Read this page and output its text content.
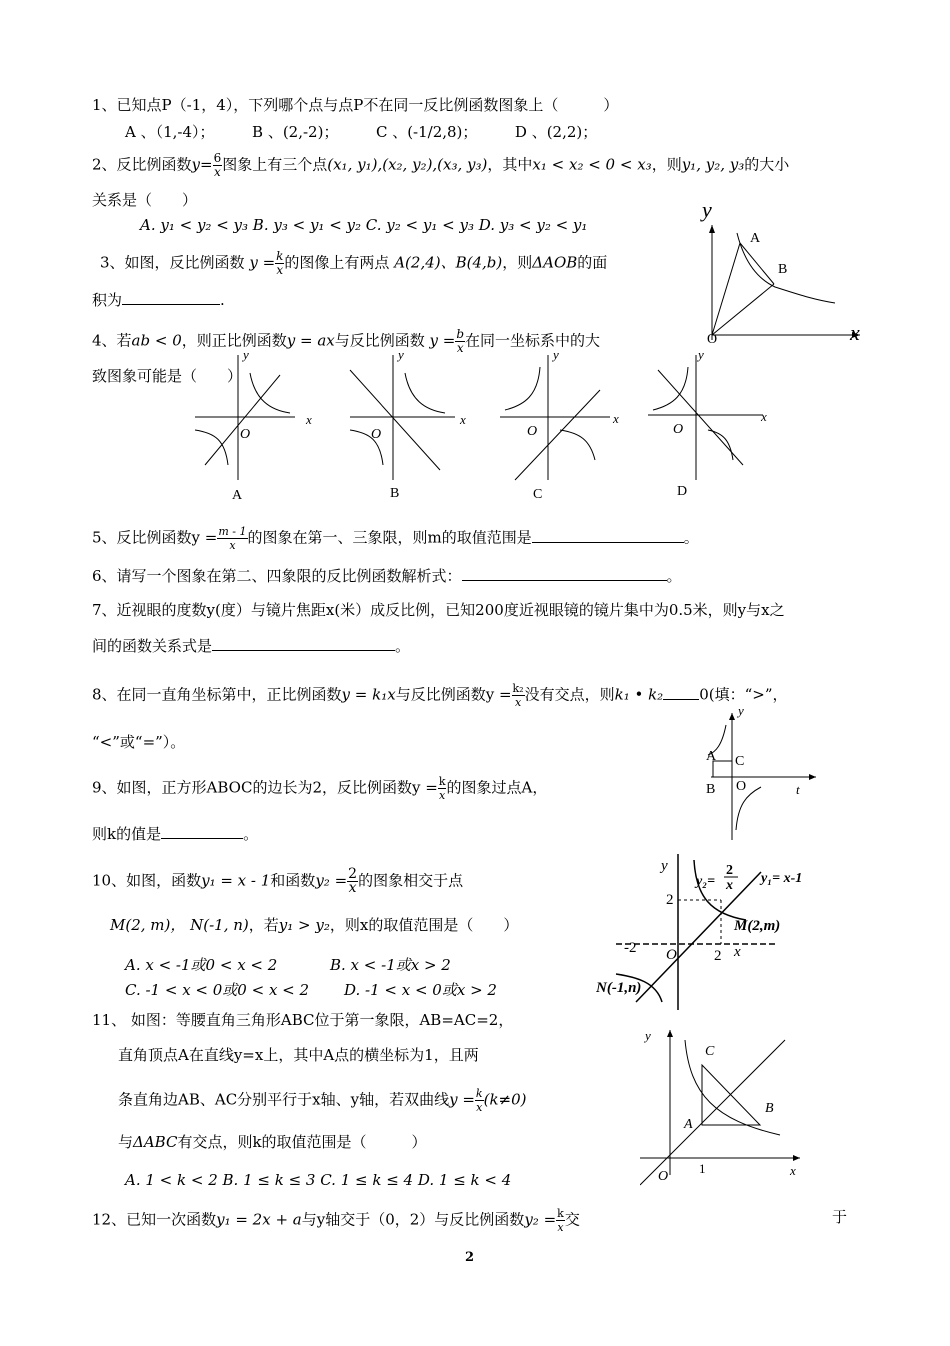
1、已知点P（-1，4），下列哪个点与点P不在同一反比例函数图象上（　　　）
A 、（1,-4）；　　　B 、(2,-2)；　　　C 、(-1/2,8)；　　　D 、(2,2)；
2、反比例函数$y= \frac{6}{x}$ 图象上有三个点(x₁, y₁),(x₂, y₂),(x₃, y₃)，其中x₁ < x₂ < 0 < x₃，则y₁, y₂, y₃的大小
关系是（　　）
A. y₁ < y₂ < y₃ B. y₃ < y₁ < y₂ C. y₂ < y₁ < y₃ D. y₃ < y₂ < y₁
3、如图，反比例函数 $y = \frac{k}{x}$ 的图像上有两点 A(2,4)、B(4,b)，则ΔAOB的面
积为	.
y
x
O
A
B
4、若ab < 0，则正比例函数y = ax与反比例函数 $y = \frac{b}{x}$ 在同一坐标系中的大
致图象可能是（　　）
x
y
O
A
x
y
O
B
x
y
O
C
x
y
O
D
5、反比例函数$y = \frac{m - 1}{x}$ 的图象在第一、三象限，则m的取值范围是	。
6、请写一个图象在第二、四象限的反比例函数解析式：	。
7、近视眼的度数y(度）与镜片焦距x(米）成反比例，已知200度近视眼镜的镜片集中为0.5米，则y与x之
间的函数关系式是	。
8、在同一直角坐标第中，正比例函数y = k₁x与反比例函数$y = \frac{\text{k₂}}{x}$ 没有交点，则k₁ • k₂ 0(填：“>”，
“<”或“=”）。
y
t
A
B
C
O
9、如图，正方形ABOC的边长为2，反比例函数$y = \frac{k}{x}$ 的图象过点A，
则k的值是	。
10、如图，函数y₁ = x - 1和函数$y_2 = \frac{2}{x}$ 的图象相交于点
M(2, m)， N(-1, n)，若y₁ > y₂，则x的取值范围是（　　）
A. x < -1或0 < x < 2	B. x < -1或x > 2
C. -1 < x < 0或0 < x < 2 D. -1 < x < 0或x > 2
y
2
y₂=
2
x y₁= x-1
M(2,m)
-2 O 2 x
N(-1,n)
11、 如图：等腰直角三角形ABC位于第一象限，AB=AC=2，
直角顶点A在直线y=x上，其中A点的横坐标为1，且两
条直角边AB、AC分别平行于x轴、y轴，若双曲线$y = \frac{k}{x} (k\ne 0)$
与ΔABC有交点，则k的取值范围是（　　　）
A. 1 < k < 2 B. 1 ≤ k ≤ 3 C. 1 ≤ k ≤ 4 D. 1 ≤ k < 4
y
x
O
1
A
B
C
12、已知一次函数y₁ = 2x + a与y轴交于（0，2）与反比例函数$y_2 = \frac{k}{x}$ 交	于
2
